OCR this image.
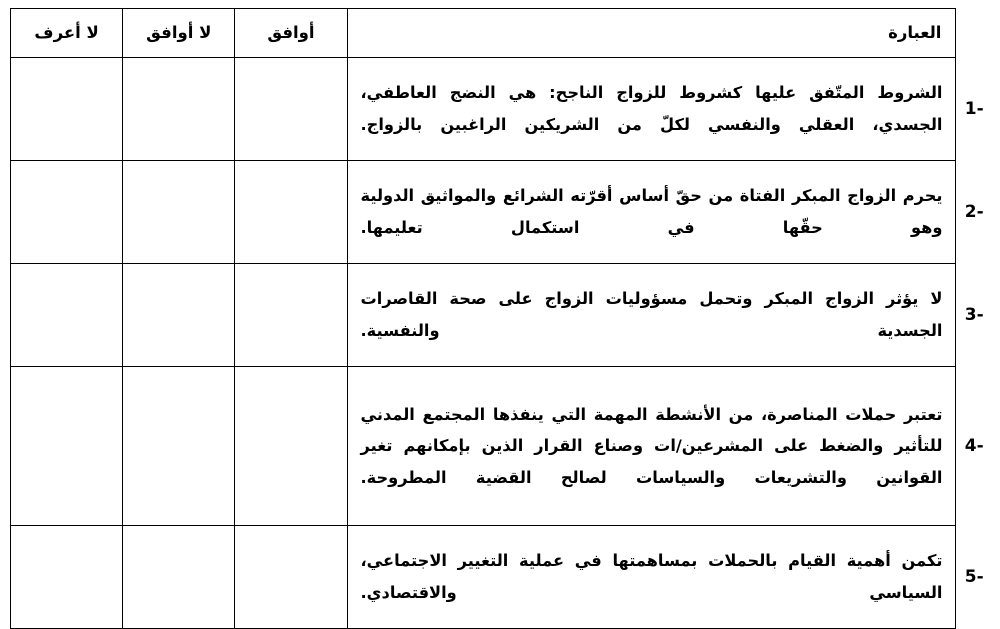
	العبارة	أوافق	لا أوافق	لا أعرف
1-	الشروط المتّفق عليها كشروط للزواج الناجح: هي النضج العاطفي، الجسدي، العقلي والنفسي لكلّ من الشريكين الراغبين بالزواج.			
2-	يحرم الزواج المبكر الفتاة من حقّ أساس أقرّته الشرائع والمواثيق الدولية وهو حقّها في استكمال تعليمها.			
3-	لا يؤثر الزواج المبكر وتحمل مسؤوليات الزواج على صحة القاصرات الجسدية والنفسية.			
4-	تعتبر حملات المناصرة، من الأنشطة المهمة التي ينفذها المجتمع المدني للتأثير والضغط على المشرعين/ات وصناع القرار الذين بإمكانهم تغير القوانين والتشريعات والسياسات لصالح القضية المطروحة.			
5-	تكمن أهمية القيام بالحملات بمساهمتها في عملية التغيير الاجتماعي، السياسي والاقتصادي.			
